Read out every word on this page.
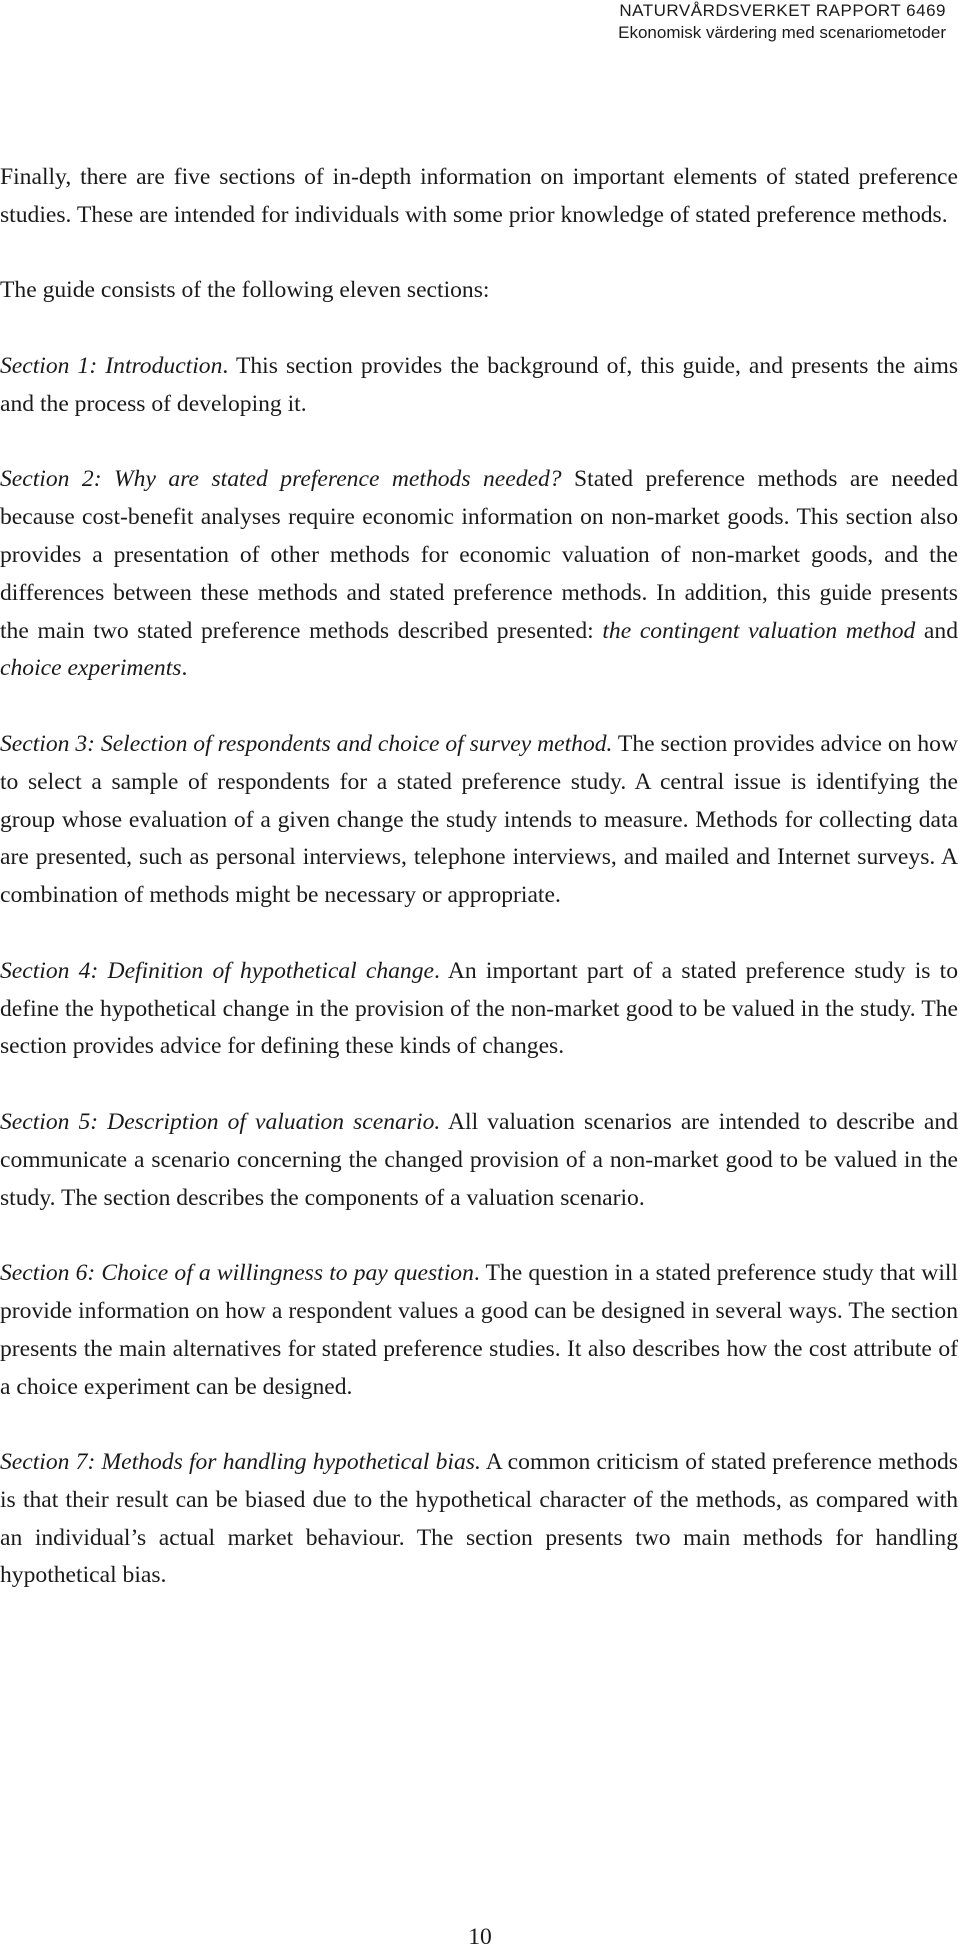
NATURVÅRDSVERKET RAPPORT 6469
Ekonomisk värdering med scenariometoder

Finally, there are five sections of in-depth information on important elements of stated preference studies. These are intended for individuals with some prior knowledge of stated preference methods.

The guide consists of the following eleven sections:

Section 1: Introduction. This section provides the background of, this guide, and presents the aims and the process of developing it.

Section 2: Why are stated preference methods needed? Stated preference methods are needed because cost-benefit analyses require economic information on non-market goods. This section also provides a presentation of other methods for economic valuation of non-market goods, and the differences between these methods and stated preference methods. In addition, this guide presents the main two stated preference methods described presented: the contingent valuation method and choice experiments.

Section 3: Selection of respondents and choice of survey method. The section provides advice on how to select a sample of respondents for a stated preference study. A central issue is identifying the group whose evaluation of a given change the study intends to measure. Methods for collecting data are presented, such as personal interviews, telephone interviews, and mailed and Internet surveys. A combination of methods might be necessary or appropriate.

Section 4: Definition of hypothetical change. An important part of a stated preference study is to define the hypothetical change in the provision of the non-market good to be valued in the study. The section provides advice for defining these kinds of changes.

Section 5: Description of valuation scenario. All valuation scenarios are intended to describe and communicate a scenario concerning the changed provision of a non-market good to be valued in the study. The section describes the components of a valuation scenario.

Section 6: Choice of a willingness to pay question. The question in a stated preference study that will provide information on how a respondent values a good can be designed in several ways. The section presents the main alternatives for stated preference studies. It also describes how the cost attribute of a choice experiment can be designed.

Section 7: Methods for handling hypothetical bias. A common criticism of stated preference methods is that their result can be biased due to the hypothetical character of the methods, as compared with an individual’s actual market behaviour. The section presents two main methods for handling hypothetical bias.

10
